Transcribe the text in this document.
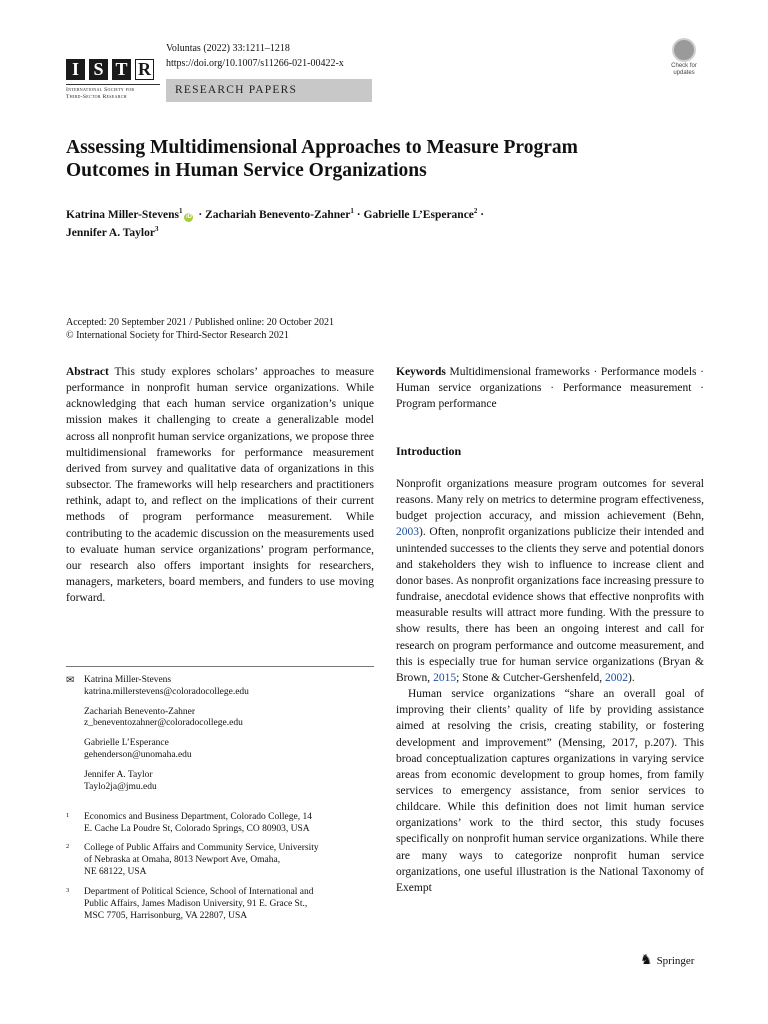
I S T R
International Society for
Third-Sector Research
Voluntas (2022) 33:1211–1218
https://doi.org/10.1007/s11266-021-00422-x
RESEARCH PAPERS
Check for
updates
Assessing Multidimensional Approaches to Measure Program
Outcomes in Human Service Organizations
Katrina Miller-Stevens$^1$iD · Zachariah Benevento-Zahner$^1$ · Gabrielle L’Esperance$^2$ ·
Jennifer A. Taylor$^3$
Accepted: 20 September 2021 / Published online: 20 October 2021
© International Society for Third-Sector Research 2021
Abstract This study explores scholars’ approaches to measure performance in nonprofit human service organizations. While acknowledging that each human service organization’s unique mission makes it challenging to create a generalizable model across all nonprofit human service organizations, we propose three multidimensional frameworks for performance measurement derived from survey and qualitative data of organizations in this subsector. The frameworks will help researchers and practitioners rethink, adapt to, and reflect on the implications of their current methods of program performance measurement. While contributing to the academic discussion on the measurements used to evaluate human service organizations’ program performance, our research also offers important insights for researchers, managers, marketers, board members, and funders to use moving forward.
Keywords Multidimensional frameworks · Performance models · Human service organizations · Performance measurement · Program performance
Introduction

Nonprofit organizations measure program outcomes for several reasons. Many rely on metrics to determine program effectiveness, budget projection accuracy, and mission achievement (Behn, 2003). Often, nonprofit organizations publicize their intended and unintended successes to the clients they serve and potential donors and stakeholders they wish to influence to increase client and donor bases. As nonprofit organizations face increasing pressure to fundraise, anecdotal evidence shows that effective nonprofits with measurable results will attract more funding. With the pressure to show results, there has been an ongoing interest and call for research on program performance and outcome measurement, and this is especially true for human service organizations (Bryan & Brown, 2015; Stone & Cutcher-Gershenfeld, 2002).

Human service organizations “share an overall goal of improving their clients’ quality of life by providing assistance aimed at resolving the crisis, creating stability, or fostering development and improvement” (Mensing, 2017, p.207). This broad conceptualization captures organizations in varying service areas from economic development to group homes, from family services to emergency assistance, from senior services to childcare. While this definition does not limit human service organizations’ work to the third sector, this study focuses specifically on nonprofit human service organizations. While there are many ways to categorize nonprofit human service organizations, one useful illustration is the National Taxonomy of Exempt

✉ Katrina Miller-Stevens
katrina.millerstevens@coloradocollege.edu
Zachariah Benevento-Zahner
z_beneventozahner@coloradocollege.edu
Gabrielle L’Esperance
gehenderson@unomaha.edu
Jennifer A. Taylor
Taylo2ja@jmu.edu
1 Economics and Business Department, Colorado College, 14
E. Cache La Poudre St, Colorado Springs, CO 80903, USA
2 College of Public Affairs and Community Service, University
of Nebraska at Omaha, 8013 Newport Ave, Omaha,
NE 68122, USA
3 Department of Political Science, School of International and
Public Affairs, James Madison University, 91 E. Grace St.,
MSC 7705, Harrisonburg, VA 22807, USA
♞ Springer
